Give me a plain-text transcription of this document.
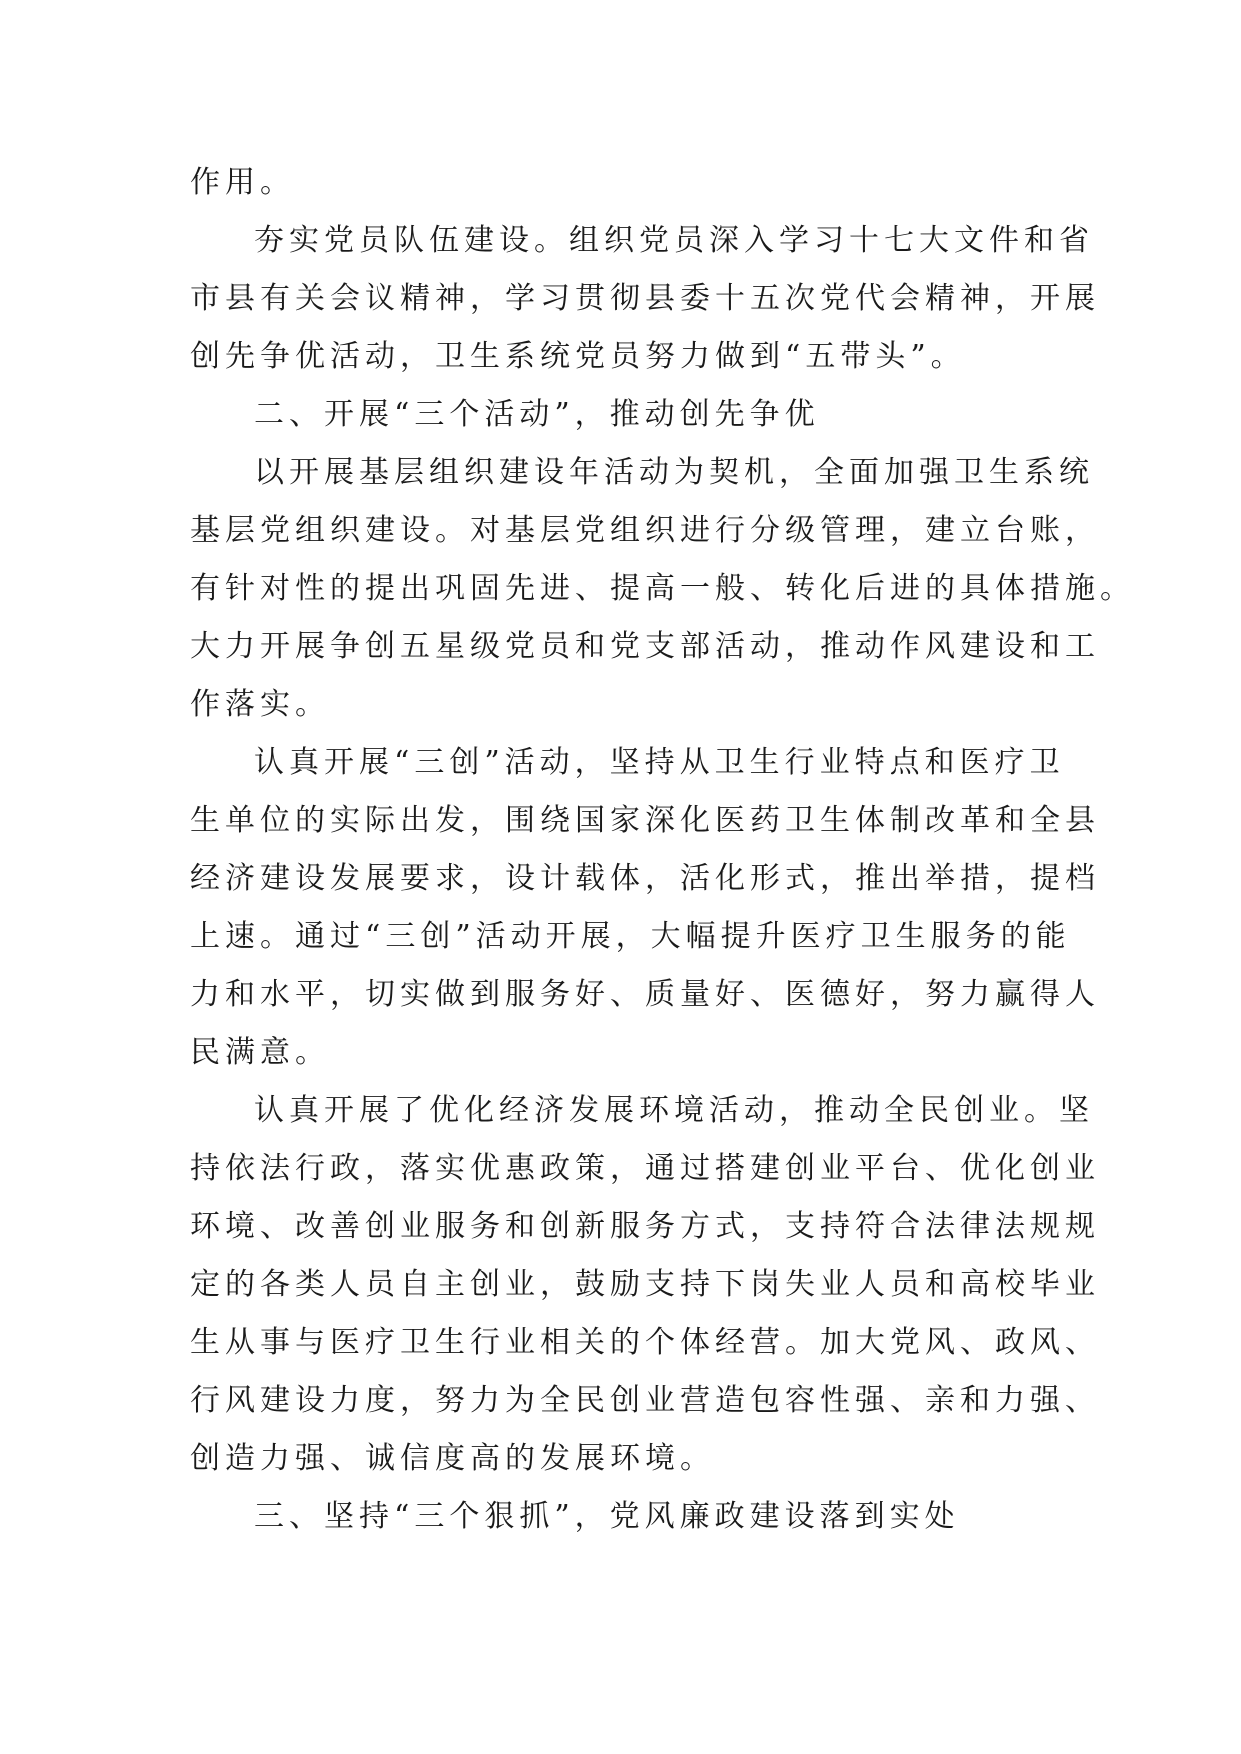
作用。
夯实党员队伍建设。组织党员深入学习十七大文件和省
市县有关会议精神，学习贯彻县委十五次党代会精神，开展
创先争优活动，卫生系统党员努力做到“五带头”。
二、开展“三个活动”，推动创先争优
以开展基层组织建设年活动为契机，全面加强卫生系统
基层党组织建设。对基层党组织进行分级管理，建立台账，
有针对性的提出巩固先进、提高一般、转化后进的具体措施。
大力开展争创五星级党员和党支部活动，推动作风建设和工
作落实。
认真开展“三创”活动，坚持从卫生行业特点和医疗卫
生单位的实际出发，围绕国家深化医药卫生体制改革和全县
经济建设发展要求，设计载体，活化形式，推出举措，提档
上速。通过“三创”活动开展，大幅提升医疗卫生服务的能
力和水平，切实做到服务好、质量好、医德好，努力赢得人
民满意。
认真开展了优化经济发展环境活动，推动全民创业。坚
持依法行政，落实优惠政策，通过搭建创业平台、优化创业
环境、改善创业服务和创新服务方式，支持符合法律法规规
定的各类人员自主创业，鼓励支持下岗失业人员和高校毕业
生从事与医疗卫生行业相关的个体经营。加大党风、政风、
行风建设力度，努力为全民创业营造包容性强、亲和力强、
创造力强、诚信度高的发展环境。
三、坚持“三个狠抓”，党风廉政建设落到实处
